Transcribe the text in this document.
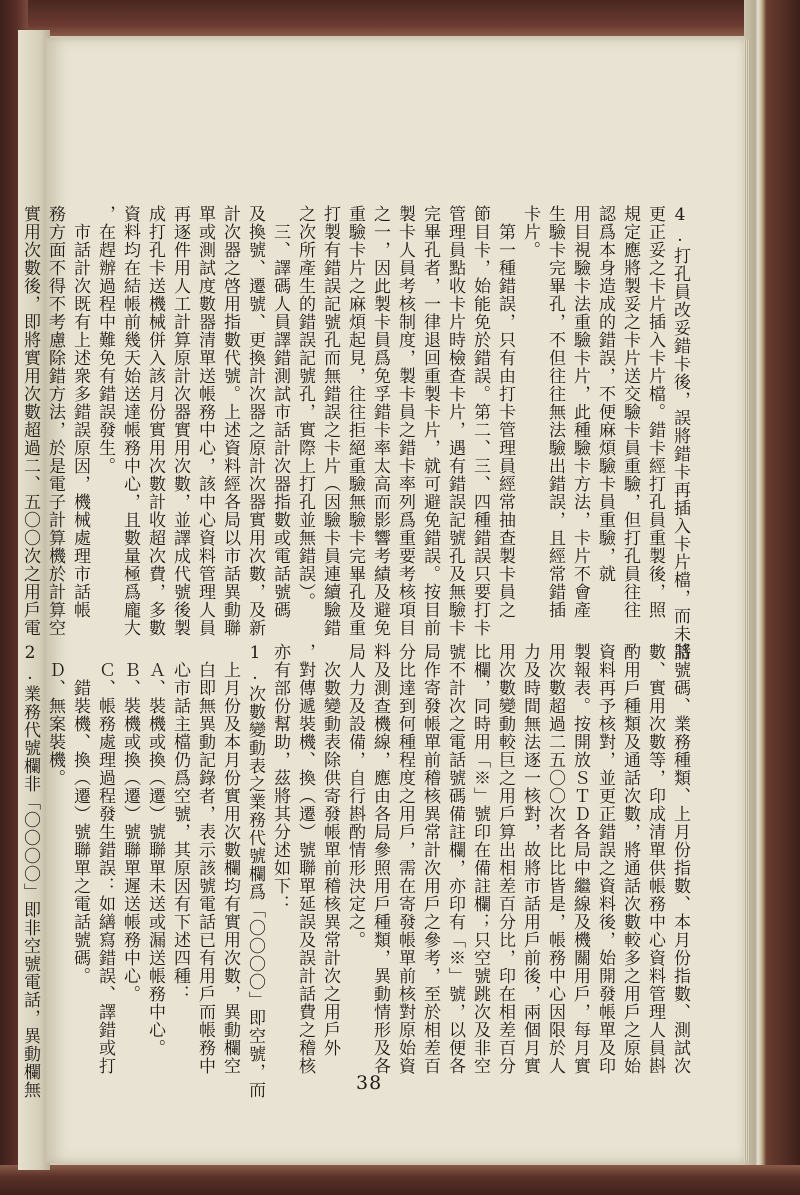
4.打孔員改妥錯卡後，誤將錯卡再插入卡片檔，而未將

更正妥之卡片插入卡片檔。錯卡經打孔員重製後，照

規定應將製妥之卡片送交驗卡員重驗，但打孔員往往

認爲本身造成的錯誤，不便麻煩驗卡員重驗，就

用目視驗卡法重驗卡片，此種驗卡方法，卡片不會產

生驗卡完畢孔，不但往往無法驗出錯誤，且經常錯插

卡片。

　第一種錯誤，只有由打卡管理員經常抽查製卡員之

節目卡，始能免於錯誤。第二、三、四種錯誤只要打卡

管理員點收卡片時檢查卡片，遇有錯誤記號孔及無驗卡

完畢孔者，一律退回重製卡片，就可避免錯誤。按目前

製卡人員考核制度，製卡員之錯卡率列爲重要考核項目

之一，因此製卡員爲免孚錯卡率太高而影響考績及避免

重驗卡片之麻煩起見，往往拒絕重驗無驗卡完畢孔及重

打製有錯誤記號孔而無錯誤之卡片（因驗卡員連續驗錯

之次所產生的錯誤記號孔，實際上打孔並無錯誤）。

　三、譯碼人員譯錯測試市話計次器指數或電話號碼

及換號、遷號、更換計次器之原計次器實用次數，及新

計次器之啓用指數代號。上述資料經各局以市話異動聯

單或測試度數器清單送帳務中心，該中心資料管理人員

再逐件用人工計算原計次器實用次數，並譯成代號後製

成打孔卡送機械併入該月份實用次數計收超次費，多數

資料均在結帳前幾天始送達帳務中心，且數量極爲龐大

，在趕辦過程中難免有錯誤發生。

　市話計次既有上述衆多錯誤原因，機械處理市話帳

務方面不得不考慮除錯方法，於是電子計算機於計算空

實用次數後，即將實用次數超過二、五〇〇次之用戶電

話號碼、業務種類、上月份指數、本月份指數、測試次

數、實用次數等，印成清單供帳務中心資料管理人員斟

酌用戶種類及通話次數，將通話次數較多之用戶之原始

資料再予核對，並更正錯誤之資料後，始開發帳單及印

製報表。按開放ＳＴＤ各局中繼線及機關用戶，每月實

用次數超過二五〇〇次者比比皆是，帳務中心因限於人

力及時間無法逐一核對，故將市話用戶前後，兩個月實

用次數變動較巨之用戶算出相差百分比，印在相差百分

比欄，同時用「※」號印在備註欄；只空號跳次及非空

號不計次之電話號碼備註欄，亦印有「※」號，以便各

局作寄發帳單前稽核異常計次用戶之參考，至於相差百

分比達到何種程度之用戶，需在寄發帳單前核對原始資

料及測查機線，應由各局參照用戶種類，異動情形及各

局人力及設備，自行斟酌情形決定之。

　次數變動表除供寄發帳單前稽核異常計次之用戶外

，對傳遞裝機、換（遷）號聯單延誤及誤計話費之稽核

亦有部份幫助，茲將其分述如下：

1.次數變動表之業務代號欄爲「〇〇〇〇」即空號，而

　上月份及本月份實用次數欄均有實用次數，異動欄空

　白即無異動記錄者，表示該號電話已有用戶而帳務中

　心市話主檔仍爲空號，其原因有下述四種：

　Ａ、裝機或換（遷）號聯單未送或漏送帳務中心。

　Ｂ、裝機或換（遷）號聯單遲送帳務中心。

　Ｃ、帳務處理過程發生錯誤：如繕寫錯誤、譯錯或打

　　錯裝機、換（遷）號聯單之電話號碼。

　Ｄ、無案裝機。

2.業務代號欄非「〇〇〇〇」即非空號電話，異動欄無	38
